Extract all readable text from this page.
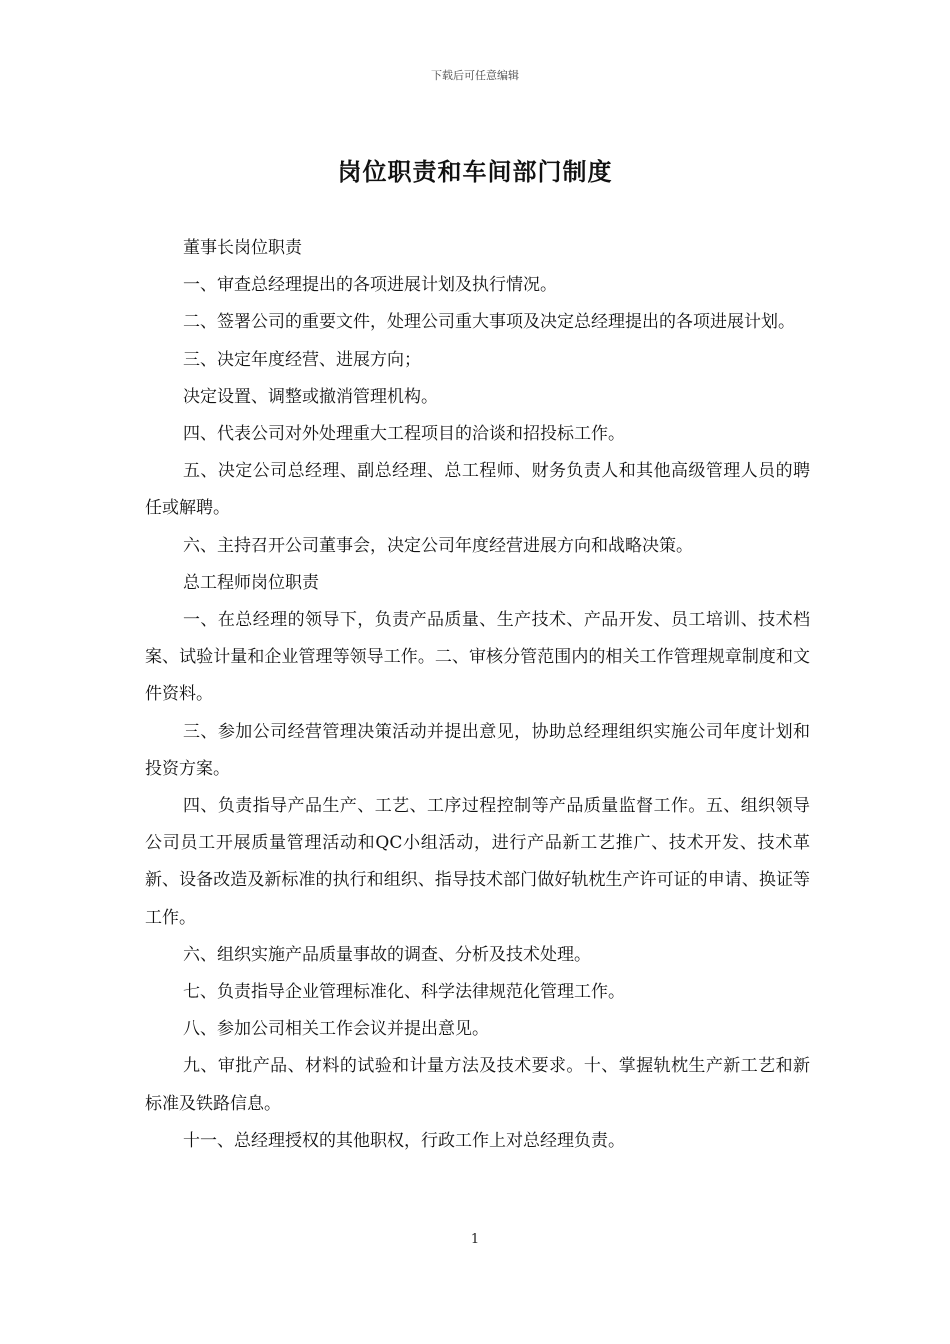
下载后可任意编辑
岗位职责和车间部门制度

董事长岗位职责

一、审查总经理提出的各项进展计划及执行情况。

二、签署公司的重要文件，处理公司重大事项及决定总经理提出的各项进展计划。

三、决定年度经营、进展方向；

决定设置、调整或撤消管理机构。

四、代表公司对外处理重大工程项目的洽谈和招投标工作。

五、决定公司总经理、副总经理、总工程师、财务负责人和其他高级管理人员的聘任或解聘。

六、主持召开公司董事会，决定公司年度经营进展方向和战略决策。

总工程师岗位职责

一、在总经理的领导下，负责产品质量、生产技术、产品开发、员工培训、技术档案、试验计量和企业管理等领导工作。二、审核分管范围内的相关工作管理规章制度和文件资料。

三、参加公司经营管理决策活动并提出意见，协助总经理组织实施公司年度计划和投资方案。

四、负责指导产品生产、工艺、工序过程控制等产品质量监督工作。五、组织领导公司员工开展质量管理活动和QC小组活动，进行产品新工艺推广、技术开发、技术革新、设备改造及新标准的执行和组织、指导技术部门做好轨枕生产许可证的申请、换证等工作。

六、组织实施产品质量事故的调查、分析及技术处理。

七、负责指导企业管理标准化、科学法律规范化管理工作。

八、参加公司相关工作会议并提出意见。

九、审批产品、材料的试验和计量方法及技术要求。十、掌握轨枕生产新工艺和新标准及铁路信息。

十一、总经理授权的其他职权，行政工作上对总经理负责。

1
